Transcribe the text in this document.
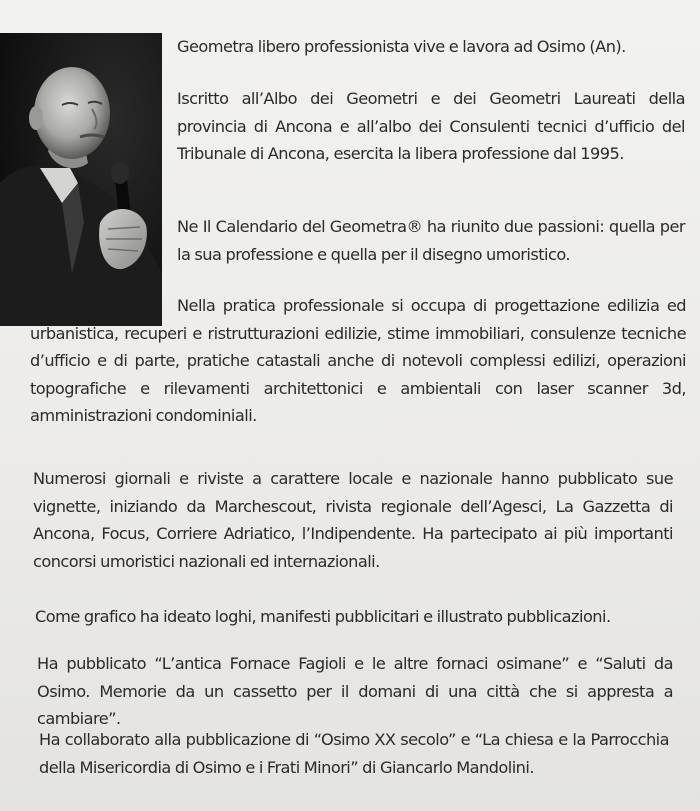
Geometra libero professionista vive e lavora ad Osimo (An).

Iscritto all’Albo dei Geometri e dei Geometri Laureati della provincia di Ancona e all’albo dei Consulenti tecnici d’ufficio del Tribunale di Ancona, esercita la libera professione dal 1995.

Ne Il Calendario del Geometra® ha riunito due passioni: quella per la sua professione e quella per il disegno umoristico.

Nella pratica professionale si occupa di progettazione edilizia ed urbanistica, recuperi e ristrutturazioni edilizie, stime immobiliari, consulenze tecniche d’ufficio e di parte, pratiche catastali anche di notevoli complessi edilizi, operazioni topografiche e rilevamenti architettonici e ambientali con laser scanner 3d, amministrazioni condominiali.

Numerosi giornali e riviste a carattere locale e nazionale hanno pubblicato sue vignette, iniziando da Marchescout, rivista regionale dell’Agesci, La Gazzetta di Ancona, Focus, Corriere Adriatico, l’Indipendente. Ha partecipato ai più importanti concorsi umoristici nazionali ed internazionali.

Come grafico ha ideato loghi, manifesti pubblicitari e illustrato pubblicazioni.

Ha pubblicato “L’antica Fornace Fagioli e le altre fornaci osimane” e “Saluti da Osimo. Memorie da un cassetto per il domani di una città che si appresta a cambiare”.

Ha collaborato alla pubblicazione di “Osimo XX secolo” e “La chiesa e la Parrocchia della Misericordia di Osimo e i Frati Minori” di Giancarlo Mandolini.
